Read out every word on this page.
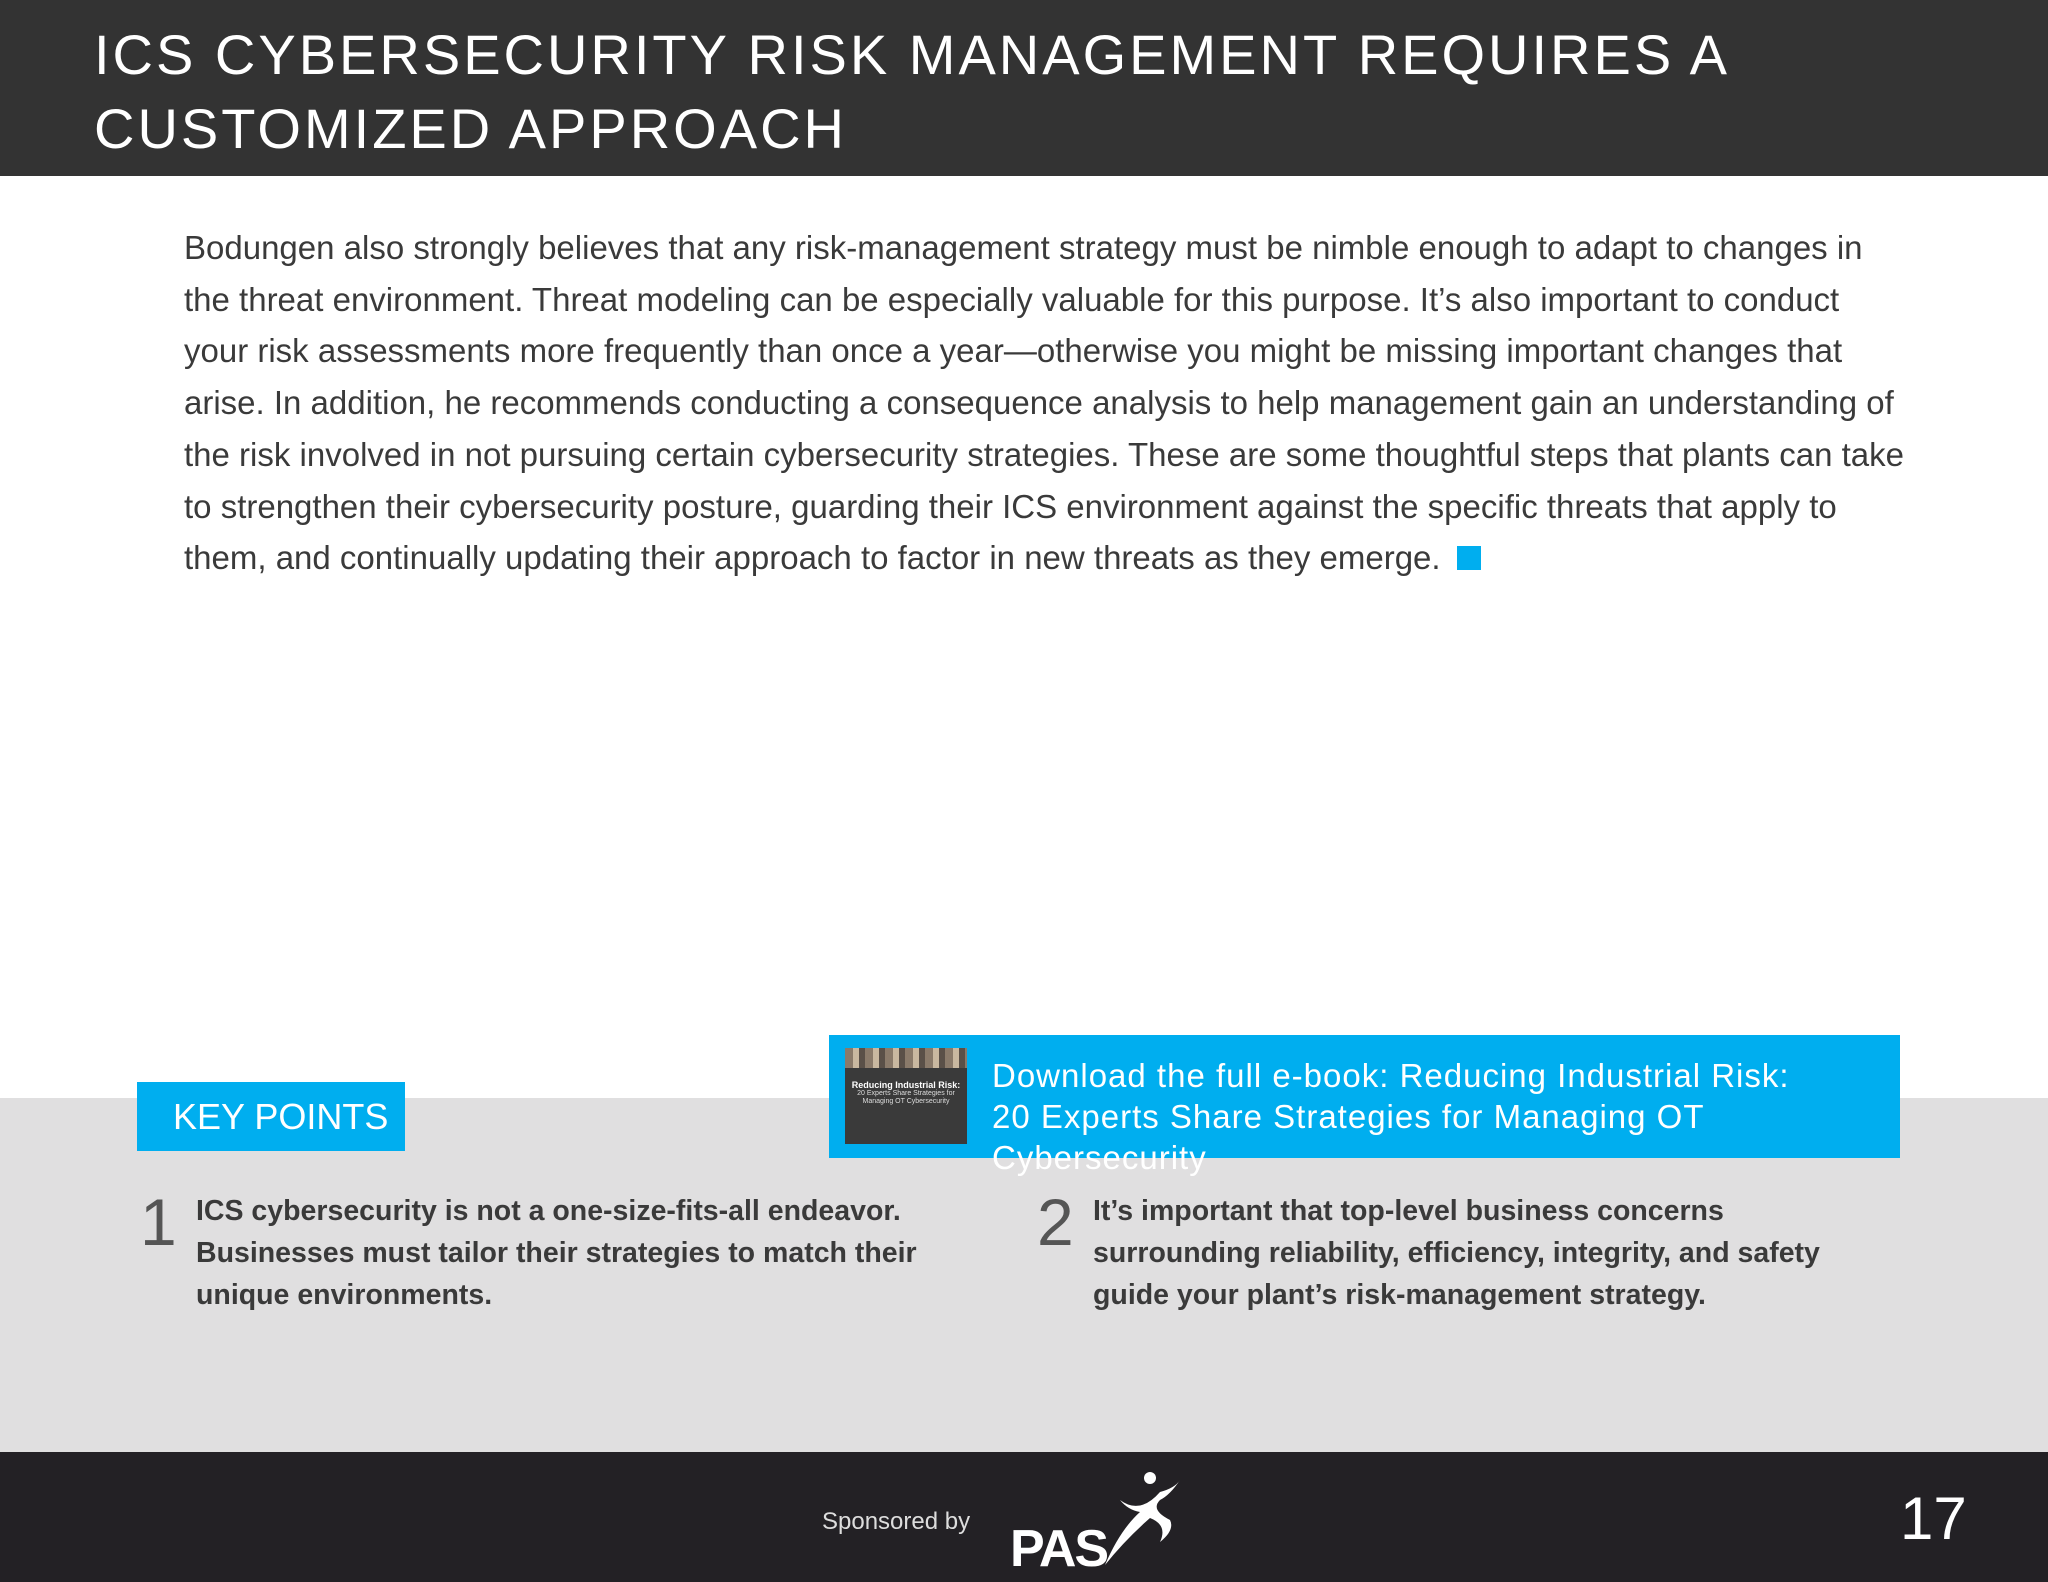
ICS CYBERSECURITY RISK MANAGEMENT REQUIRES A CUSTOMIZED APPROACH
Bodungen also strongly believes that any risk-management strategy must be nimble enough to adapt to changes in the threat environment. Threat modeling can be especially valuable for this purpose. It’s also important to conduct your risk assessments more frequently than once a year—otherwise you might be missing important changes that arise. In addition, he recommends conducting a consequence analysis to help management gain an understanding of the risk involved in not pursuing certain cybersecurity strategies. These are some thoughtful steps that plants can take to strengthen their cybersecurity posture, guarding their ICS environment against the specific threats that apply to them, and continually updating their approach to factor in new threats as they emerge.
Reducing Industrial Risk:
20 Experts Share Strategies for Managing OT Cybersecurity
Download the full e-book: Reducing Industrial Risk:
20 Experts Share Strategies for Managing OT Cybersecurity
KEY POINTS
1 ICS cybersecurity is not a one-size-fits-all endeavor. Businesses must tailor their strategies to match their unique environments.
2 It’s important that top-level business concerns surrounding reliability, efficiency, integrity, and safety guide your plant’s risk-management strategy.
Sponsored by PAS	17
